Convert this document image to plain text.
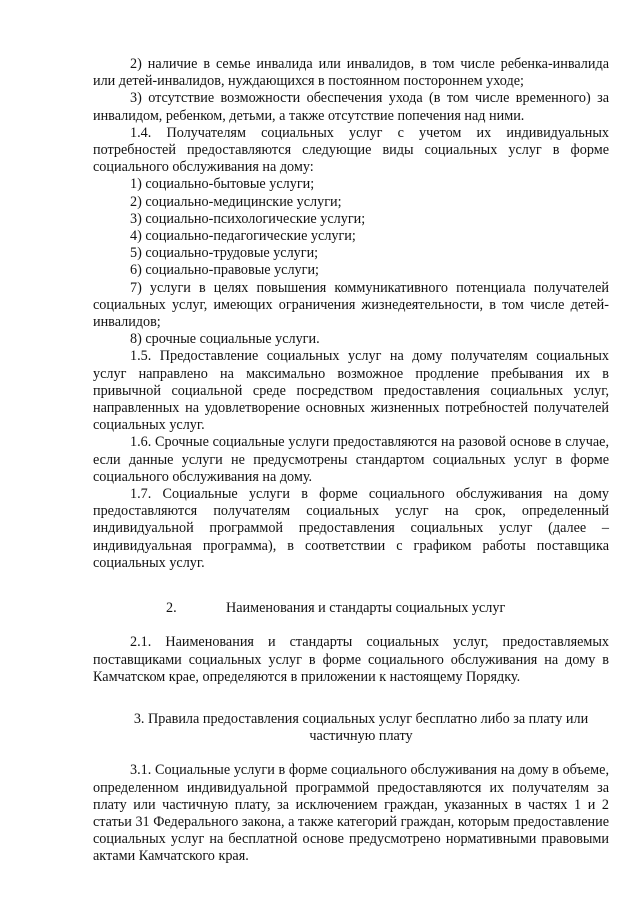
2) наличие в семье инвалида или инвалидов, в том числе ребенка-инвалида или детей-инвалидов, нуждающихся в постоянном постороннем уходе;

3) отсутствие возможности обеспечения ухода (в том числе временного) за инвалидом, ребенком, детьми, а также отсутствие попечения над ними.

1.4. Получателям социальных услуг с учетом их индивидуальных потребностей предоставляются следующие виды социальных услуг в форме социального обслуживания на дому:

1) социально-бытовые услуги;

2) социально-медицинские услуги;

3) социально-психологические услуги;

4) социально-педагогические услуги;

5) социально-трудовые услуги;

6) социально-правовые услуги;

7) услуги в целях повышения коммуникативного потенциала получателей социальных услуг, имеющих ограничения жизнедеятельности, в том числе детей-инвалидов;

8) срочные социальные услуги.

1.5. Предоставление социальных услуг на дому получателям социальных услуг направлено на максимально возможное продление пребывания их в привычной социальной среде посредством предоставления социальных услуг, направленных на удовлетворение основных жизненных потребностей получателей социальных услуг.

1.6. Срочные социальные услуги предоставляются на разовой основе в случае, если данные услуги не предусмотрены стандартом социальных услуг в форме социального обслуживания на дому.

1.7. Социальные услуги в форме социального обслуживания на дому предоставляются получателям социальных услуг на срок, определенный индивидуальной программой предоставления социальных услуг (далее – индивидуальная программа), в соответствии с графиком работы поставщика социальных услуг.

2.	Наименования и стандарты социальных услуг

2.1. Наименования и стандарты социальных услуг, предоставляемых поставщиками социальных услуг в форме социального обслуживания на дому в Камчатском крае, определяются в приложении к настоящему Порядку.

3. Правила предоставления социальных услуг бесплатно либо за плату или
частичную плату

3.1. Социальные услуги в форме социального обслуживания на дому в объеме, определенном индивидуальной программой предоставляются их получателям за плату или частичную плату, за исключением граждан, указанных в частях 1 и 2 статьи 31 Федерального закона, а также категорий граждан, которым предоставление социальных услуг на бесплатной основе предусмотрено нормативными правовыми актами Камчатского края.
